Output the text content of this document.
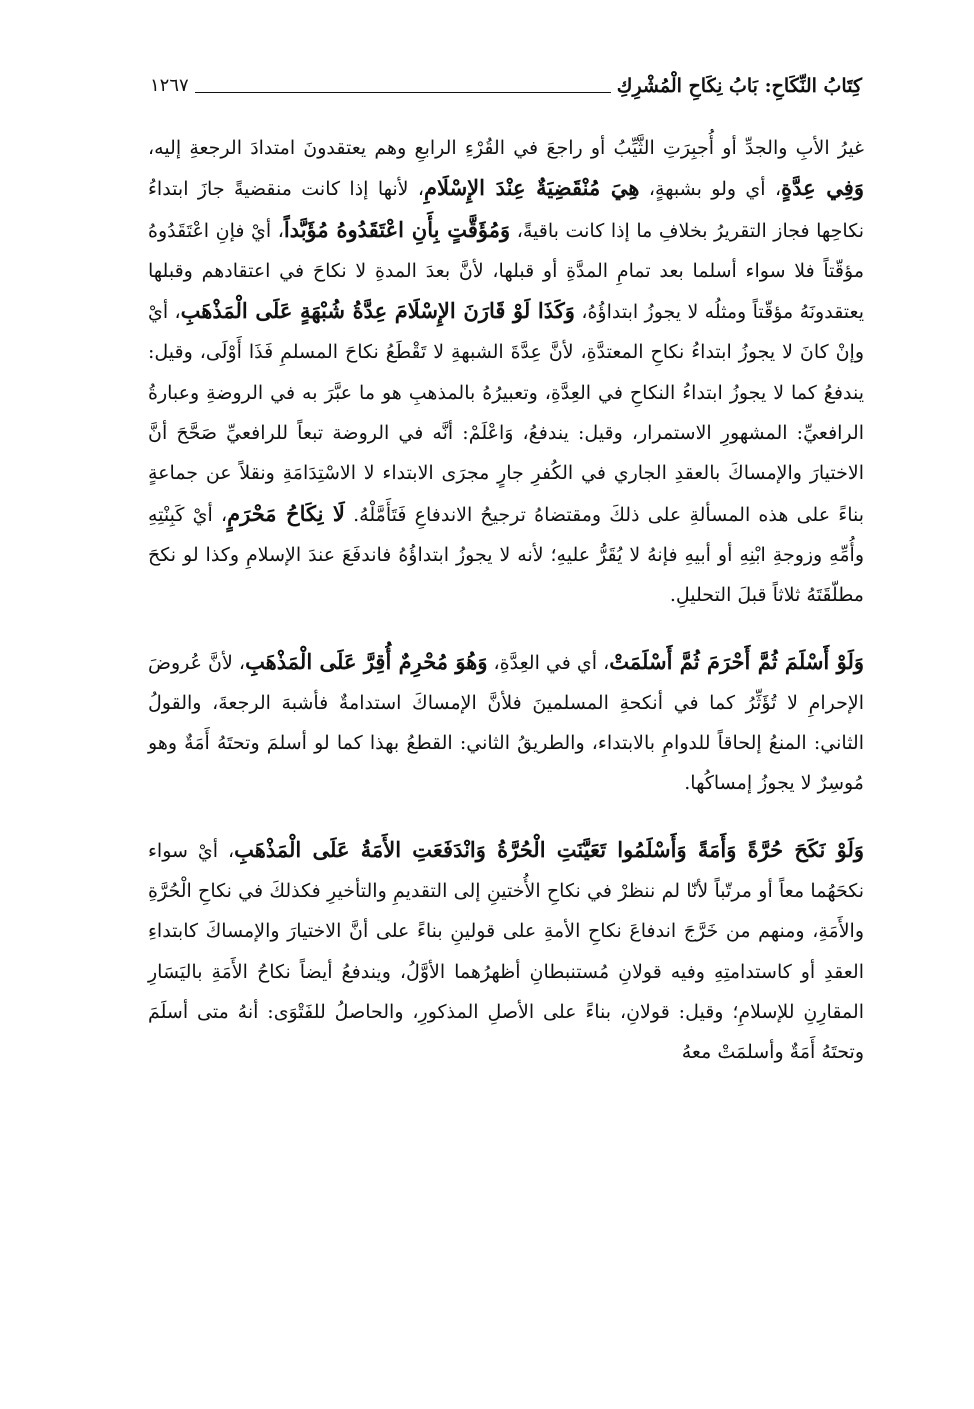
كِتَابُ النِّكَاحِ: بَابُ نِكَاحِ الْمُشْرِكِ
١٢٦٧

غيرُ الأبِ والجدِّ أو أُجبِرَتِ الثَّيِّبُ أو راجعَ في القُرْءِ الرابعِ وهم يعتقدونَ امتدادَ الرجعةِ إليه، وَفِي عِدَّةٍ، أي ولو بشبهةٍ، هِيَ مُنْقَضِيَةٌ عِنْدَ الإِسْلَامِ، لأنها إذا كانت منقضيةً جازَ ابتداءُ نكاحِها فجاز التقريرُ بخلافِ ما إذا كانت باقيةً، وَمُؤَقَّتٍ بِأَنِ اعْتَقَدُوهُ مُؤَبَّداً، أيْ فإنِ اعْتَقَدُوهُ مؤقّتاً فلا سواء أسلما بعد تمامِ المدَّةِ أو قبلها، لأنَّ بعدَ المدةِ لا نكاحَ في اعتقادهم وقبلها يعتقدونَهُ مؤقّتاً ومثلُه لا يجوزُ ابتداؤُهُ، وَكَذَا لَوْ قَارَنَ الإِسْلَامَ عِدَّةُ شُبْهَةٍ عَلَى الْمَذْهَبِ، أيْ وإنْ كانَ لا يجوزُ ابتداءُ نكاحِ المعتدَّةِ، لأنَّ عِدَّةَ الشبهةِ لا تَقْطَعُ نكاحَ المسلمِ فَذَا أَوْلَى، وقيل: يندفعُ كما لا يجوزُ ابتداءُ النكاحِ في العِدَّةِ، وتعبيرُهُ بالمذهبِ هو ما عبَّرَ به في الروضةِ وعبارةُ الرافعيِّ: المشهورِ الاستمرار، وقيل: يندفعُ، وَاعْلَمْ: أنَّه في الروضة تبعاً للرافعيِّ صَحَّحَ أنَّ الاختيارَ والإمساكَ بالعقدِ الجاري في الكُفرِ جارٍ مجرَى الابتداء لا الاسْتِدَامَةِ ونقلاً عن جماعةٍ بناءً على هذه المسألةِ على ذلكَ ومقتضاهُ ترجيحُ الاندفاعِ فَتَأَمَّلْهُ. لَا نِكَاحُ مَحْرَمٍ، أيْ كَبِنْتِهِ وأُمِّهِ وزوجةِ ابْنِهِ أو أبيهِ فإنهُ لا يُقَرُّ عليهِ؛ لأنه لا يجوزُ ابتداؤُهُ فاندفَعَ عندَ الإسلامِ وكذا لو نكحَ مطلّقَتَهُ ثلاثاً قبلَ التحليلِ.

وَلَوْ أَسْلَمَ ثُمَّ أَحْرَمَ ثُمَّ أَسْلَمَتْ، أي في العِدَّةِ، وَهُوَ مُحْرِمٌ أُقِرَّ عَلَى الْمَذْهَبِ، لأنَّ عُروضَ الإحرامِ لا تُؤَثِّرُ كما في أنكحةِ المسلمينَ فلأنَّ الإمساكَ استدامةٌ فأشبهَ الرجعةَ، والقولُ الثاني: المنعُ إلحاقاً للدوامِ بالابتداء، والطريقُ الثاني: القطعُ بهذا كما لو أسلمَ وتحتَهُ أَمَةٌ وهو مُوسِرٌ لا يجوزُ إمساكُها.

وَلَوْ نَكَحَ حُرَّةً وَأَمَةً وَأَسْلَمُوا تَعَيَّنَتِ الْحُرَّةُ وَانْدَفَعَتِ الأَمَةُ عَلَى الْمَذْهَبِ، أيْ سواء نكحَهُما معاً أو مرتّباً لأنّا لم ننظرْ في نكاحِ الأُختينِ إلى التقديمِ والتأخيرِ فكذلكَ في نكاحِ الْحُرَّةِ والأَمَةِ، ومنهم من خَرَّجَ اندفاعَ نكاحِ الأمةِ على قولينِ بناءً على أنَّ الاختيارَ والإمساكَ كابتداءِ العقدِ أو كاستدامتِهِ وفيه قولانِ مُستنبطانِ أظهرُهما الأوَّلُ، ويندفعُ أيضاً نكاحُ الأَمَةِ باليَسَارِ المقارِنِ للإسلامِ؛ وقيل: قولانِ، بناءً على الأصلِ المذكورِ، والحاصلُ للفَتْوَى: أنهُ متى أسلَمَ وتحتَهُ أَمَةٌ وأسلمَتْ معهُ
